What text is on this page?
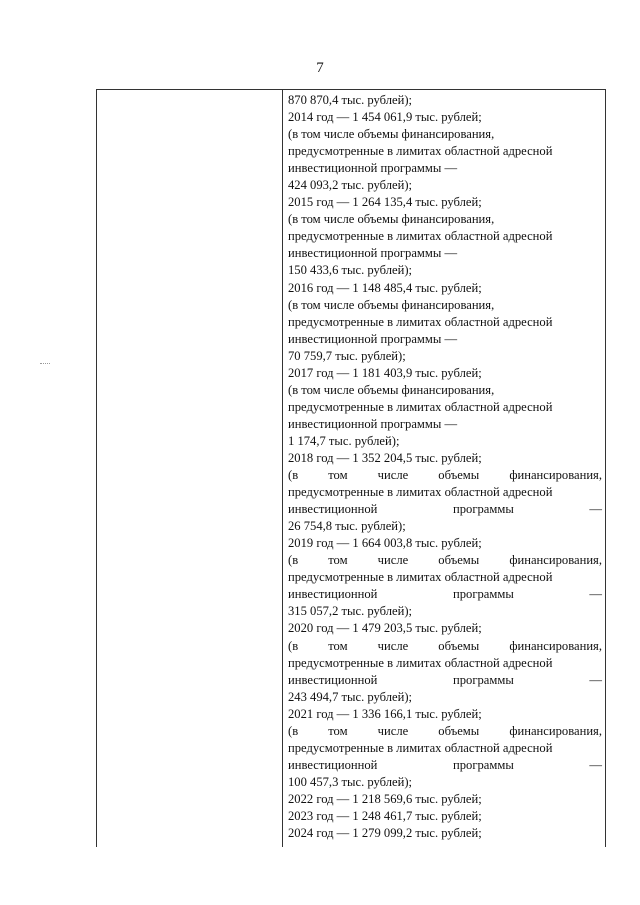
7
870 870,4 тыс. рублей);
2014 год — 1 454 061,9 тыс. рублей;
(в том числе объемы финансирования,
предусмотренные в лимитах областной адресной
инвестиционной программы —
424 093,2 тыс. рублей);
2015 год — 1 264 135,4 тыс. рублей;
(в том числе объемы финансирования,
предусмотренные в лимитах областной адресной
инвестиционной программы —
150 433,6 тыс. рублей);
2016 год — 1 148 485,4 тыс. рублей;
(в том числе объемы финансирования,
предусмотренные в лимитах областной адресной
инвестиционной программы —
70 759,7 тыс. рублей);
2017 год — 1 181 403,9 тыс. рублей;
(в том числе объемы финансирования,
предусмотренные в лимитах областной адресной
инвестиционной программы —
1 174,7 тыс. рублей);
2018 год — 1 352 204,5 тыс. рублей;
(в том числе объемы финансирования,
предусмотренные в лимитах областной адресной
инвестиционной	программы	—
26 754,8 тыс. рублей);
2019 год — 1 664 003,8 тыс. рублей;
(в том числе объемы финансирования,
предусмотренные в лимитах областной адресной
инвестиционной	программы	—
315 057,2 тыс. рублей);
2020 год — 1 479 203,5 тыс. рублей;
(в том числе объемы финансирования,
предусмотренные в лимитах областной адресной
инвестиционной	программы	—
243 494,7 тыс. рублей);
2021 год — 1 336 166,1 тыс. рублей;
(в том числе объемы финансирования,
предусмотренные в лимитах областной адресной
инвестиционной	программы	—
100 457,3 тыс. рублей);
2022 год — 1 218 569,6 тыс. рублей;
2023 год — 1 248 461,7 тыс. рублей;
2024 год — 1 279 099,2 тыс. рублей;
